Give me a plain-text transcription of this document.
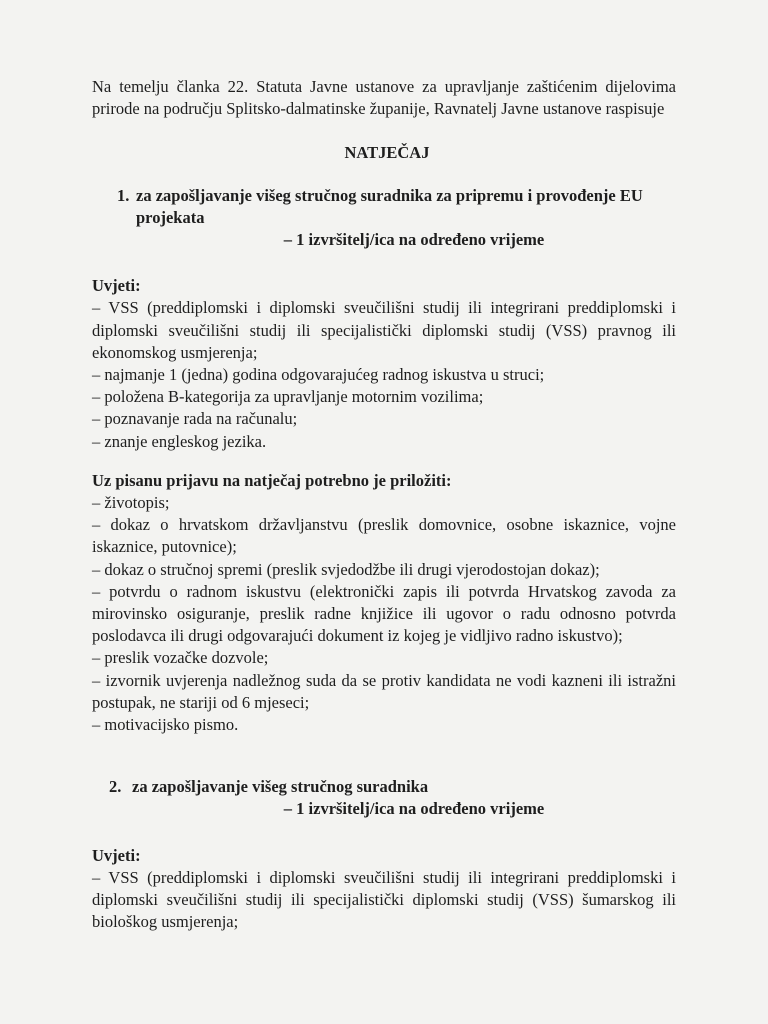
Na temelju članka 22. Statuta Javne ustanove za upravljanje zaštićenim dijelovima prirode na području Splitsko-dalmatinske županije, Ravnatelj Javne ustanove raspisuje

NATJEČAJ

1. za zapošljavanje višeg stručnog suradnika za pripremu i provođenje EU projekata
– 1 izvršitelj/ica na određeno vrijeme

Uvjeti:

– VSS (preddiplomski i diplomski sveučilišni studij ili integrirani preddiplomski i diplomski sveučilišni studij ili specijalistički diplomski studij (VSS) pravnog ili ekonomskog usmjerenja;
– najmanje 1 (jedna) godina odgovarajućeg radnog iskustva u struci;
– položena B-kategorija za upravljanje motornim vozilima;
– poznavanje rada na računalu;
– znanje engleskog jezika.

Uz pisanu prijavu na natječaj potrebno je priložiti:

– životopis;
– dokaz o hrvatskom državljanstvu (preslik domovnice, osobne iskaznice, vojne iskaznice, putovnice);
– dokaz o stručnoj spremi (preslik svjedodžbe ili drugi vjerodostojan dokaz);
– potvrdu o radnom iskustvu (elektronički zapis ili potvrda Hrvatskog zavoda za mirovinsko osiguranje, preslik radne knjižice ili ugovor o radu odnosno potvrda poslodavca ili drugi odgovarajući dokument iz kojeg je vidljivo radno iskustvo);
– preslik vozačke dozvole;
– izvornik uvjerenja nadležnog suda da se protiv kandidata ne vodi kazneni ili istražni postupak, ne stariji od 6 mjeseci;
– motivacijsko pismo.
2. za zapošljavanje višeg stručnog suradnika
– 1 izvršitelj/ica na određeno vrijeme

Uvjeti:

– VSS (preddiplomski i diplomski sveučilišni studij ili integrirani preddiplomski i diplomski sveučilišni studij ili specijalistički diplomski studij (VSS) šumarskog ili biološkog usmjerenja;
